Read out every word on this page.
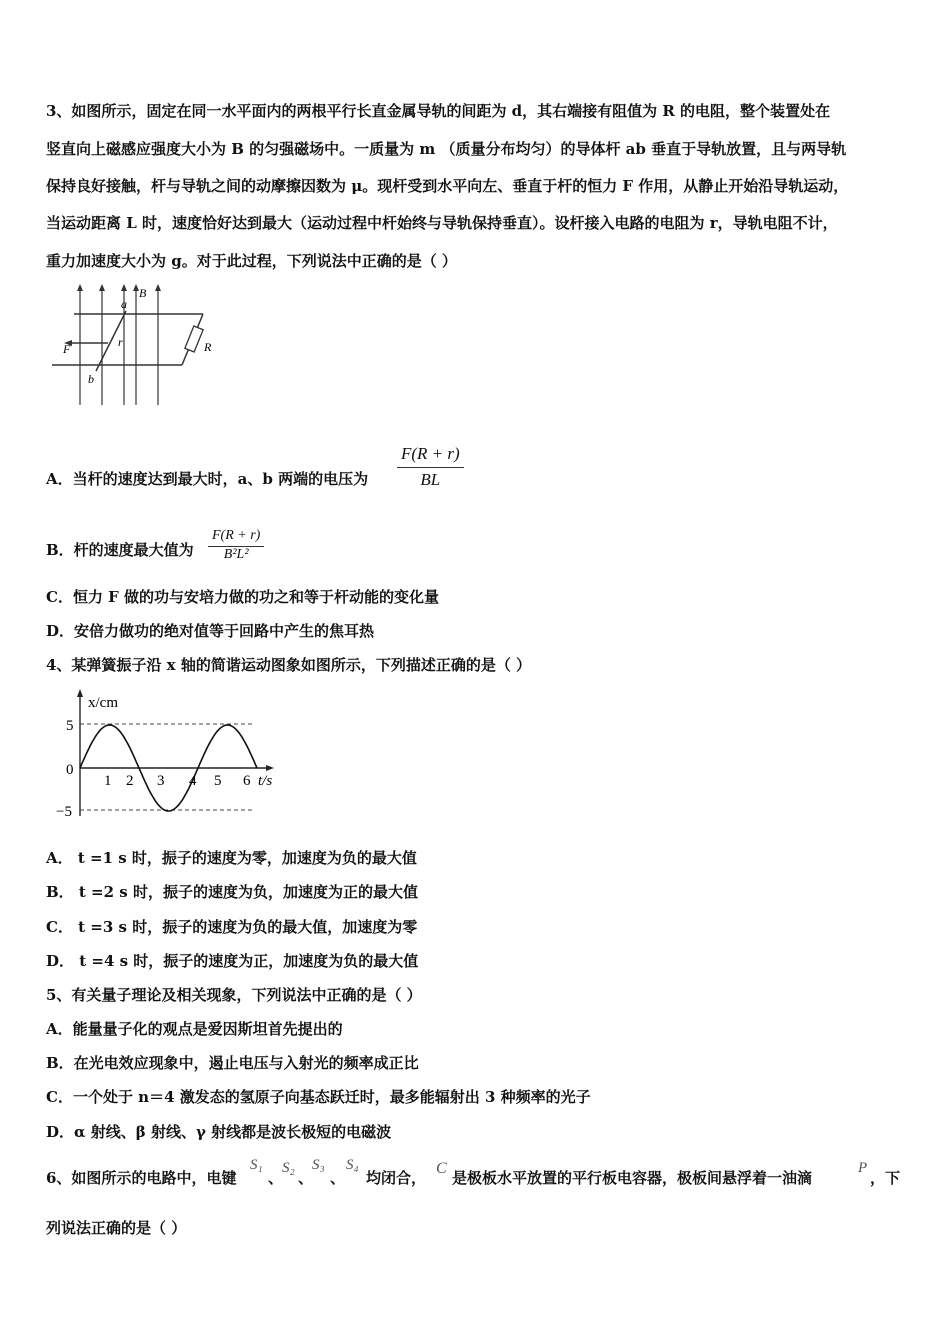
3、如图所示，固定在同一水平面内的两根平行长直金属导轨的间距为 d，其右端接有阻值为 R 的电阻，整个装置处在
竖直向上磁感应强度大小为 B 的匀强磁场中。一质量为 m （质量分布均匀）的导体杆 ab 垂直于导轨放置，且与两导轨
保持良好接触，杆与导轨之间的动摩擦因数为 μ。现杆受到水平向左、垂直于杆的恒力 F 作用，从静止开始沿导轨运动，
当运动距离 L 时，速度恰好达到最大（运动过程中杆始终与导轨保持垂直）。设杆接入电路的电阻为 r，导轨电阻不计，
重力加速度大小为 g。对于此过程，下列说法中正确的是（ ）
a
B
F	r
b
R
A．当杆的速度达到最大时，a、b 两端的电压为
F(R + r)
BL
B．杆的速度最大值为
F(R + r)
B²L²
C．恒力 F 做的功与安培力做的功之和等于杆动能的变化量
D．安倍力做功的绝对值等于回路中产生的焦耳热
4、某弹簧振子沿 x 轴的简谐运动图象如图所示，下列描述正确的是（ ）
x/cm
5
0
−5
1 2 3 4 5 6 t/s
A． t =1 s 时，振子的速度为零，加速度为负的最大值
B． t =2 s 时，振子的速度为负，加速度为正的最大值
C． t =3 s 时，振子的速度为负的最大值，加速度为零
D． t =4 s 时，振子的速度为正，加速度为负的最大值
5、有关量子理论及相关现象，下列说法中正确的是（ ）
A．能量量子化的观点是爱因斯坦首先提出的
B．在光电效应现象中，遏止电压与入射光的频率成正比
C．一个处于 n＝4 激发态的氢原子向基态跃迁时，最多能辐射出 3 种频率的光子
D．α 射线、β 射线、γ 射线都是波长极短的电磁波
6、如图所示的电路中，电键
S₁
、
S₂
、
S₃
、
S₄
均闭合，
C
是极板水平放置的平行板电容器，极板间悬浮着一油滴
P
，下
列说法正确的是（ ）
